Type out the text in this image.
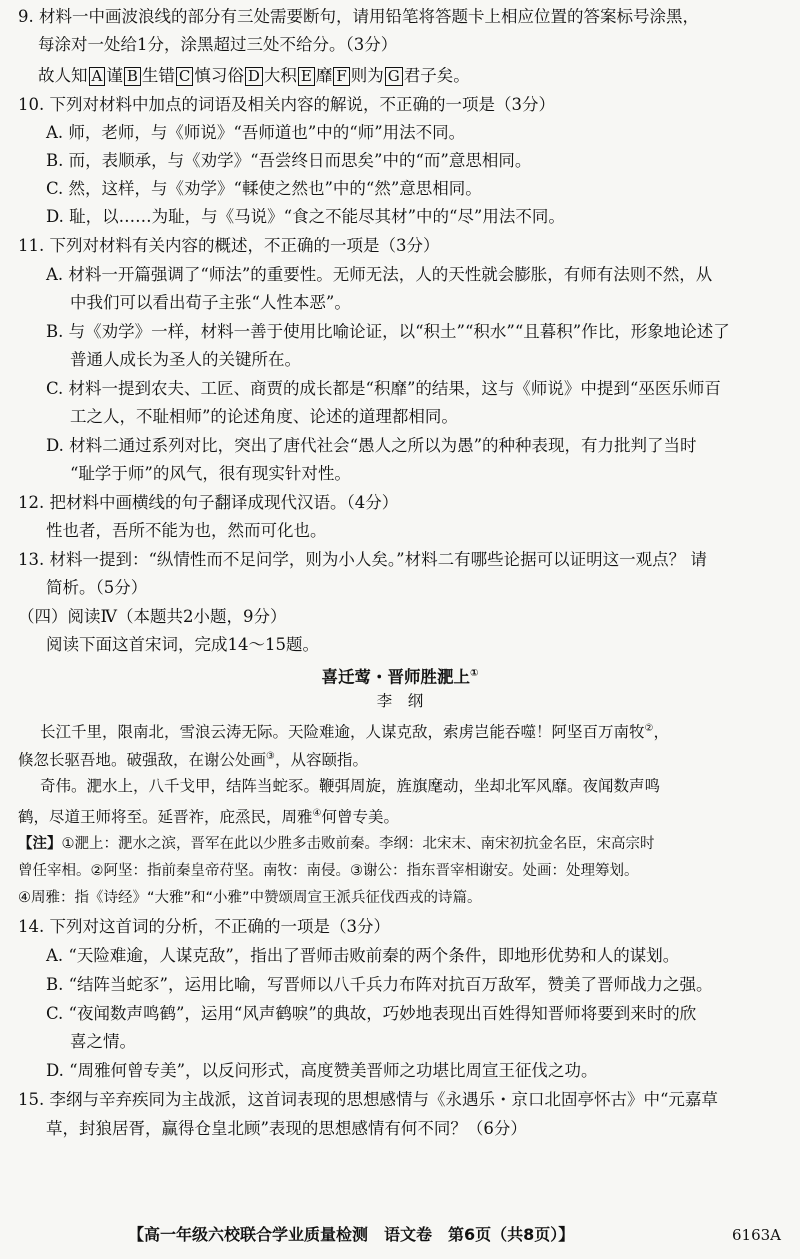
9. 材料一中画波浪线的部分有三处需要断句，请用铅笔将答题卡上相应位置的答案标号涂黑，
每涂对一处给1分，涂黑超过三处不给分。（3分）
故人知 A 谨 B 生错 C 慎习俗 D 大积 E 靡 F 则为 G 君子矣。
10. 下列对材料中加点的词语及相关内容的解说，不正确的一项是（3分）
A. 师，老师，与《师说》“吾师道也”中的“师”用法不同。
B. 而，表顺承，与《劝学》“吾尝终日而思矣”中的“而”意思相同。
C. 然，这样，与《劝学》“輮使之然也”中的“然”意思相同。
D. 耻，以……为耻，与《马说》“食之不能尽其材”中的“尽”用法不同。
11. 下列对材料有关内容的概述，不正确的一项是（3分）
A. 材料一开篇强调了“师法”的重要性。无师无法，人的天性就会膨胀，有师有法则不然，从
中我们可以看出荀子主张“人性本恶”。
B. 与《劝学》一样，材料一善于使用比喻论证，以“积土”“积水”“且暮积”作比，形象地论述了
普通人成长为圣人的关键所在。
C. 材料一提到农夫、工匠、商贾的成长都是“积靡”的结果，这与《师说》中提到“巫医乐师百
工之人，不耻相师”的论述角度、论述的道理都相同。
D. 材料二通过系列对比，突出了唐代社会“愚人之所以为愚”的种种表现，有力批判了当时
“耻学于师”的风气，很有现实针对性。
12. 把材料中画横线的句子翻译成现代汉语。（4分）
性也者，吾所不能为也，然而可化也。
13. 材料一提到：“纵情性而不足问学，则为小人矣。”材料二有哪些论据可以证明这一观点？ 请
简析。（5分）
（四）阅读Ⅳ（本题共2小题，9分）
阅读下面这首宋词，完成14～15题。
喜迁莺・晋师胜淝上①
李　纲
长江千里，限南北，雪浪云涛无际。天险难逾，人谋克敌，索虏岂能吞噬！阿坚百万南牧②，
倏忽长驱吾地。破强敌，在谢公处画③，从容颐指。
奇伟。淝水上，八千戈甲，结阵当蛇豕。鞭弭周旋，旌旗麾动，坐却北军风靡。夜闻数声鸣
鹤，尽道王师将至。延晋祚，庇烝民，周雅④何曾专美。
【注】①淝上：淝水之滨，晋军在此以少胜多击败前秦。李纲：北宋末、南宋初抗金名臣，宋高宗时
曾任宰相。②阿坚：指前秦皇帝苻坚。南牧：南侵。③谢公：指东晋宰相谢安。处画：处理筹划。
④周雅：指《诗经》“大雅”和“小雅”中赞颂周宣王派兵征伐西戎的诗篇。
14. 下列对这首词的分析，不正确的一项是（3分）
A. “天险难逾，人谋克敌”，指出了晋师击败前秦的两个条件，即地形优势和人的谋划。
B. “结阵当蛇豕”，运用比喻，写晋师以八千兵力布阵对抗百万敌军，赞美了晋师战力之强。
C. “夜闻数声鸣鹤”，运用“风声鹤唳”的典故，巧妙地表现出百姓得知晋师将要到来时的欣
喜之情。
D. “周雅何曾专美”，以反问形式，高度赞美晋师之功堪比周宣王征伐之功。
15. 李纲与辛弃疾同为主战派，这首词表现的思想感情与《永遇乐・京口北固亭怀古》中“元嘉草
草，封狼居胥，赢得仓皇北顾”表现的思想感情有何不同？（6分）
【高一年级六校联合学业质量检测　语文卷　第6页（共8页）】	6163A
